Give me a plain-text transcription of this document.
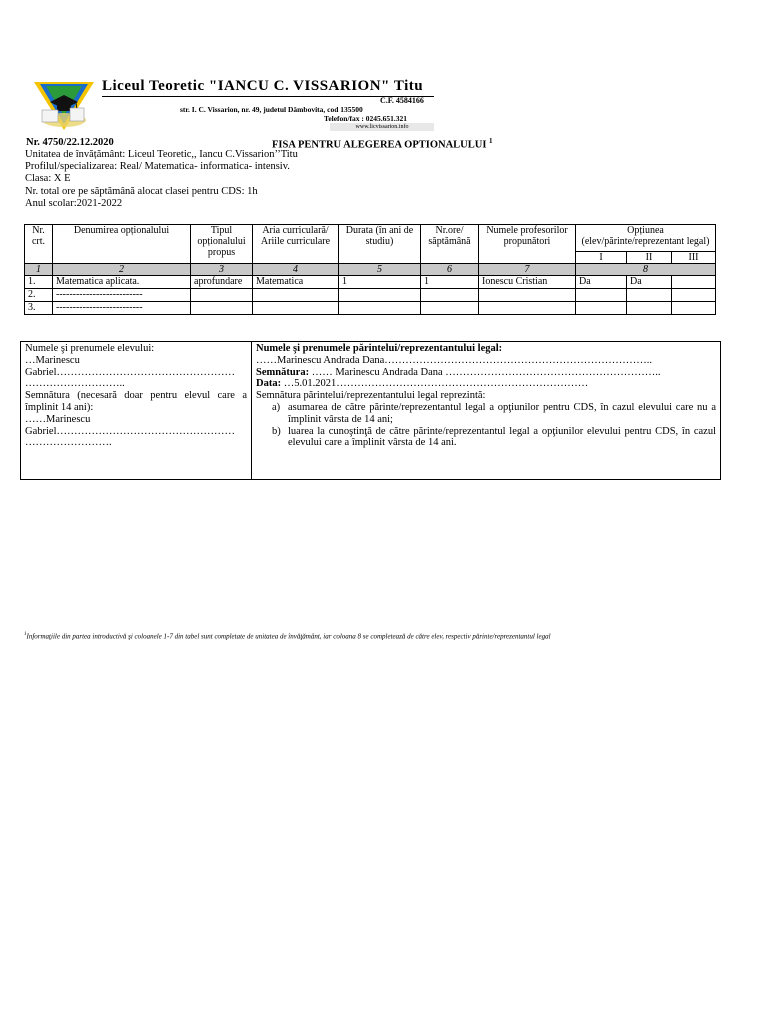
Liceul Teoretic "IANCU C. VISSARION" Titu
C.F. 4584166
str. I. C. Vissarion, nr. 49, judetul Dâmbovita, cod 135500
Telefon/fax : 0245.651.321
www.licvissarion.info
Nr. 4750/22.12.2020	FISA PENTRU ALEGEREA OPTIONALULUI $^1$
Unitatea de învățământ: Liceul Teoretic,, Iancu C.Vissarion’’Titu
Profilul/specializarea: Real/ Matematica- informatica- intensiv.
Clasa: X E
Nr. total ore pe săptămână alocat clasei pentru CDS: 1h
Anul scolar:2021-2022
Nr. crt.	Denumirea opționalului	Tipul opționalului propus	Aria curriculară/ Ariile curriculare	Durata (în ani de studiu)	Nr.ore/ săptămână	Numele profesorilor propunători	Opțiunea (elev/părinte/reprezentant legal)		
							I	II	III
1	2	3	4	5	6	7	8		
1.	Matematica aplicata.	aprofundare	Matematica	1	1	Ionescu Cristian	Da	Da	
2.	--------------------------								
3.	--------------------------								
Numele şi prenumele elevului:
…Marinescu
Gabriel……………………………………………
………………………..
Semnătura (necesară doar pentru elevul care a împlinit 14 ani):
……Marinescu
Gabriel……………………………………………
…………………….

Numele şi prenumele părintelui/reprezentantului legal:
……Marinescu Andrada Dana…………………………………………………………………..
Semnătura: …… Marinescu Andrada Dana ……………………………………………………..
Data: …5.01.2021………………………………………………………………
Semnătura părintelui/reprezentantului legal reprezintă:
a) asumarea de către părinte/reprezentantul legal a opţiunilor pentru CDS, în cazul elevului care nu a împlinit vârsta de 14 ani;
b) luarea la cunoştinţă de către părinte/reprezentantul legal a opţiunilor elevului pentru CDS, în cazul elevului care a împlinit vârsta de 14 ani.
$^1$Informaţiile din partea introductivă şi coloanele 1-7 din tabel sunt completate de unitatea de învăţământ, iar coloana 8 se completează de către elev, respectiv părinte/reprezentantul legal
